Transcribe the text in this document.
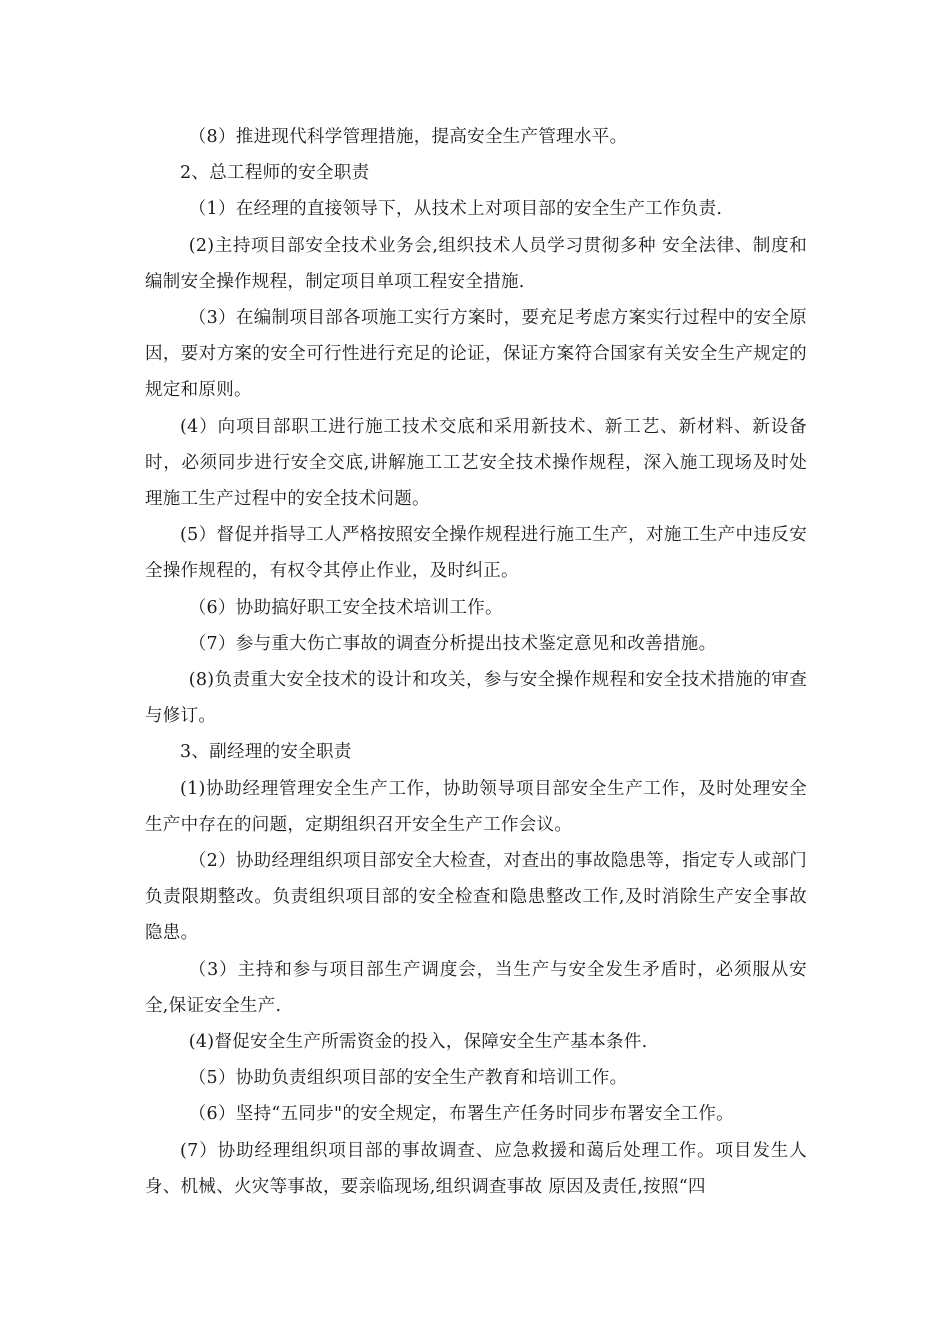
（8）推进现代科学管理措施，提高安全生产管理水平。

2、总工程师的安全职责

（1）在经理的直接领导下，从技术上对项目部的安全生产工作负责.

(2)主持项目部安全技术业务会,组织技术人员学习贯彻多种 安全法律、制度和编制安全操作规程，制定项目单项工程安全措施.

（3）在编制项目部各项施工实行方案时，要充足考虑方案实行过程中的安全原因，要对方案的安全可行性进行充足的论证，保证方案符合国家有关安全生产规定的规定和原则。

(4）向项目部职工进行施工技术交底和采用新技术、新工艺、新材料、新设备时，必须同步进行安全交底,讲解施工工艺安全技术操作规程，深入施工现场及时处理施工生产过程中的安全技术问题。

(5）督促并指导工人严格按照安全操作规程进行施工生产，对施工生产中违反安全操作规程的，有权令其停止作业，及时纠正。

（6）协助搞好职工安全技术培训工作。

（7）参与重大伤亡事故的调查分析提出技术鉴定意见和改善措施。

(8)负责重大安全技术的设计和攻关，参与安全操作规程和安全技术措施的审查与修订。

3、副经理的安全职责

(1)协助经理管理安全生产工作，协助领导项目部安全生产工作，及时处理安全生产中存在的问题，定期组织召开安全生产工作会议。

（2）协助经理组织项目部安全大检查，对查出的事故隐患等，指定专人或部门负责限期整改。负责组织项目部的安全检查和隐患整改工作,及时消除生产安全事故隐患。

（3）主持和参与项目部生产调度会，当生产与安全发生矛盾时，必须服从安全,保证安全生产.

(4)督促安全生产所需资金的投入，保障安全生产基本条件.

（5）协助负责组织项目部的安全生产教育和培训工作。

（6）坚持“五同步"的安全规定，布署生产任务时同步布署安全工作。

(7）协助经理组织项目部的事故调查、应急救援和蔼后处理工作。项目发生人身、机械、火灾等事故，要亲临现场,组织调查事故 原因及责任,按照“四
